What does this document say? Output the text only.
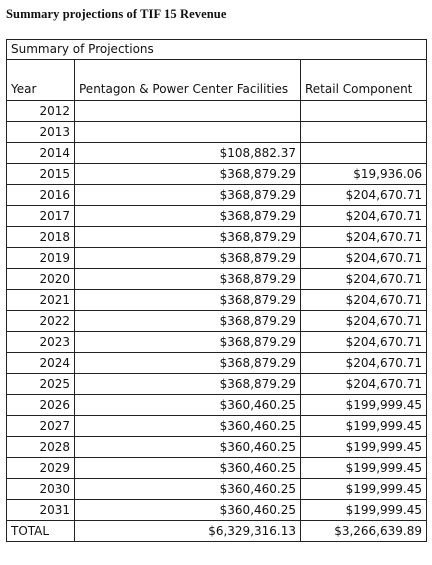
Summary projections of TIF 15 Revenue
Summary of Projections		
Year	Pentagon & Power Center Facilities	Retail Component
2012		
2013		
2014	$108,882.37	
2015	$368,879.29	$19,936.06
2016	$368,879.29	$204,670.71
2017	$368,879.29	$204,670.71
2018	$368,879.29	$204,670.71
2019	$368,879.29	$204,670.71
2020	$368,879.29	$204,670.71
2021	$368,879.29	$204,670.71
2022	$368,879.29	$204,670.71
2023	$368,879.29	$204,670.71
2024	$368,879.29	$204,670.71
2025	$368,879.29	$204,670.71
2026	$360,460.25	$199,999.45
2027	$360,460.25	$199,999.45
2028	$360,460.25	$199,999.45
2029	$360,460.25	$199,999.45
2030	$360,460.25	$199,999.45
2031	$360,460.25	$199,999.45
TOTAL	$6,329,316.13	$3,266,639.89
